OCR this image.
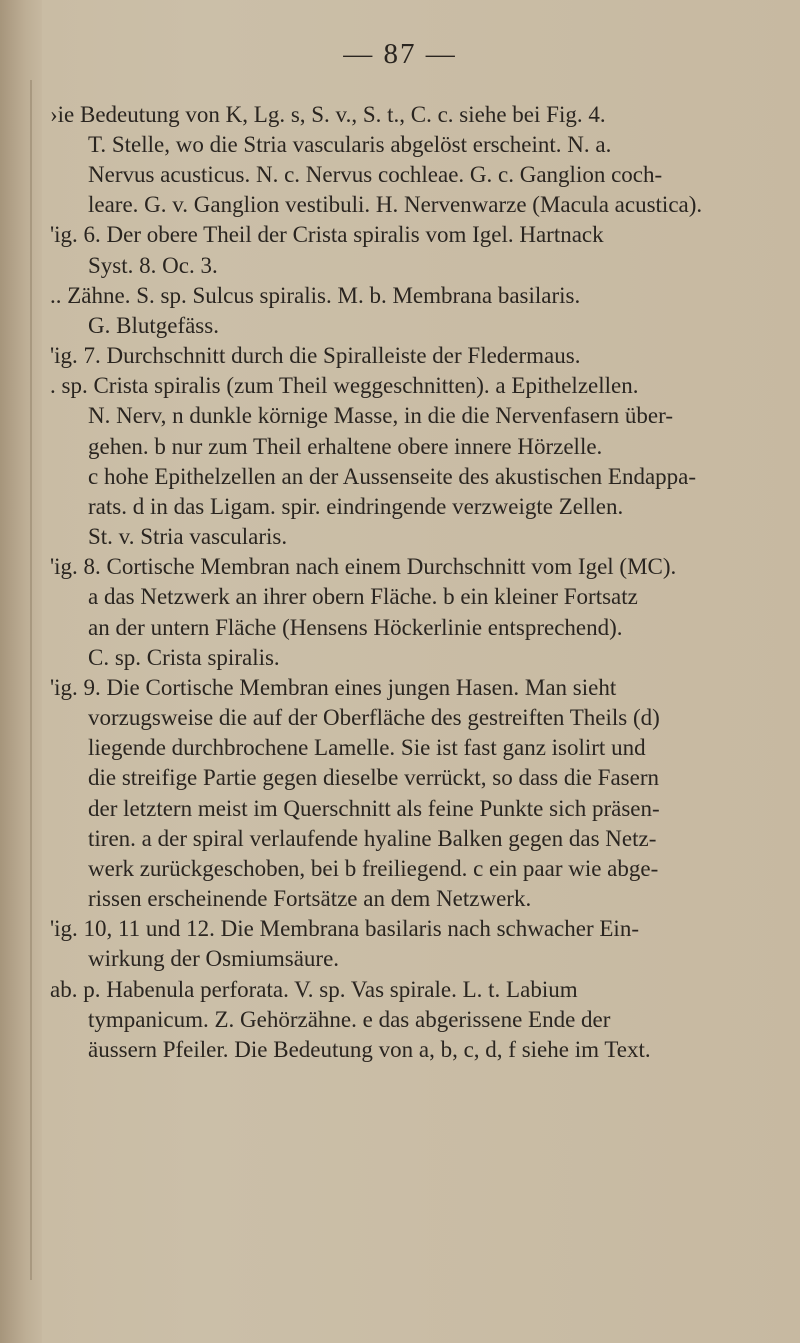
— 87 —
›ie Bedeutung von K, Lg. s, S. v., S. t., C. c. siehe bei Fig. 4.
T. Stelle, wo die Stria vascularis abgelöst erscheint. N. a.
Nervus acusticus. N. c. Nervus cochleae. G. c. Ganglion coch-
leare. G. v. Ganglion vestibuli. H. Nervenwarze (Macula acustica).
'ig. 6. Der obere Theil der Crista spiralis vom Igel. Hartnack
Syst. 8. Oc. 3.
.. Zähne. S. sp. Sulcus spiralis. M. b. Membrana basilaris.
G. Blutgefäss.
'ig. 7. Durchschnitt durch die Spiralleiste der Fledermaus.
. sp. Crista spiralis (zum Theil weggeschnitten). a Epithelzellen.
N. Nerv, n dunkle körnige Masse, in die die Nervenfasern über-
gehen. b nur zum Theil erhaltene obere innere Hörzelle.
c hohe Epithelzellen an der Aussenseite des akustischen Endappa-
rats. d in das Ligam. spir. eindringende verzweigte Zellen.
St. v. Stria vascularis.
'ig. 8. Cortische Membran nach einem Durchschnitt vom Igel (MC).
a das Netzwerk an ihrer obern Fläche. b ein kleiner Fortsatz
an der untern Fläche (Hensens Höckerlinie entsprechend).
C. sp. Crista spiralis.
'ig. 9. Die Cortische Membran eines jungen Hasen. Man sieht
vorzugsweise die auf der Oberfläche des gestreiften Theils (d)
liegende durchbrochene Lamelle. Sie ist fast ganz isolirt und
die streifige Partie gegen dieselbe verrückt, so dass die Fasern
der letztern meist im Querschnitt als feine Punkte sich präsen-
tiren. a der spiral verlaufende hyaline Balken gegen das Netz-
werk zurückgeschoben, bei b freiliegend. c ein paar wie abge-
rissen erscheinende Fortsätze an dem Netzwerk.
'ig. 10, 11 und 12. Die Membrana basilaris nach schwacher Ein-
wirkung der Osmiumsäure.
ab. p. Habenula perforata. V. sp. Vas spirale. L. t. Labium
tympanicum. Z. Gehörzähne. e das abgerissene Ende der
äussern Pfeiler. Die Bedeutung von a, b, c, d, f siehe im Text.
